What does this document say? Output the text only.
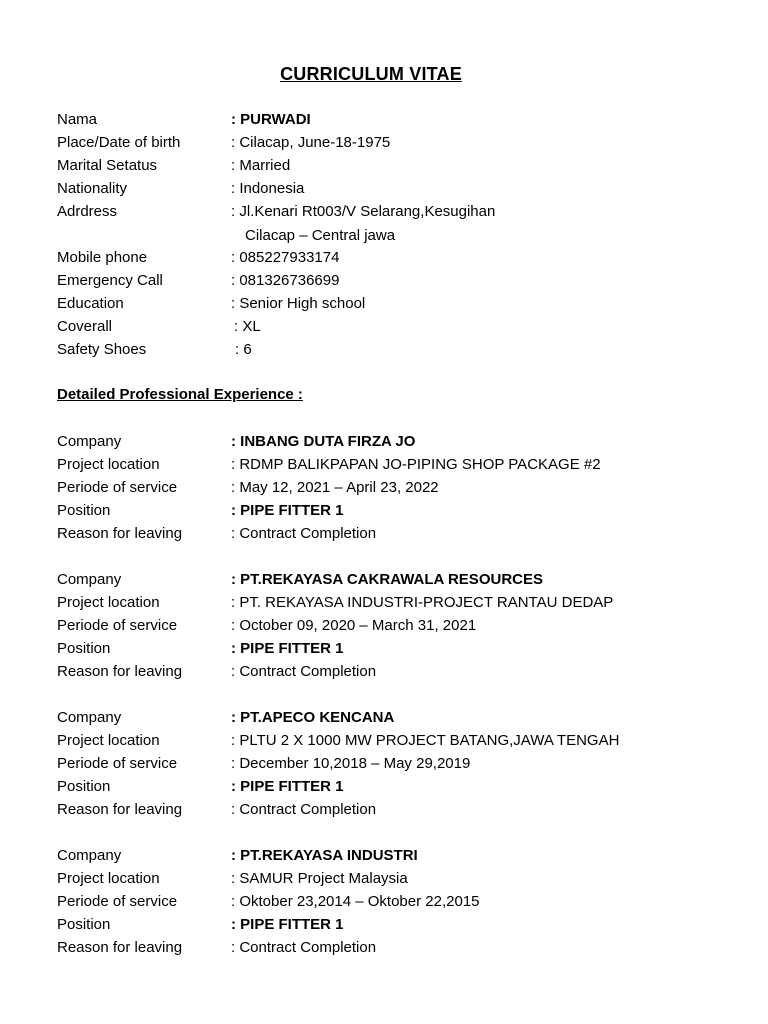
CURRICULUM VITAE
Nama	: PURWADI
Place/Date of birth	: Cilacap, June-18-1975
Marital Setatus	: Married
Nationality	: Indonesia
Adrdress	: Jl.Kenari Rt003/V Selarang,Kesugihan
Cilacap – Central jawa
Mobile phone	: 085227933174
Emergency Call	: 081326736699
Education	: Senior High school
Coverall	: XL
Safety Shoes	: 6
Detailed Professional Experience :
Company	: INBANG DUTA FIRZA JO
Project location	: RDMP BALIKPAPAN JO-PIPING SHOP PACKAGE #2
Periode of service	: May 12, 2021 – April 23, 2022
Position	: PIPE FITTER 1
Reason for leaving	: Contract Completion
Company	: PT.REKAYASA CAKRAWALA RESOURCES
Project location	: PT. REKAYASA INDUSTRI-PROJECT RANTAU DEDAP
Periode of service	: October 09, 2020 – March 31, 2021
Position	: PIPE FITTER 1
Reason for leaving	: Contract Completion
Company	: PT.APECO KENCANA
Project location	: PLTU 2 X 1000 MW PROJECT BATANG,JAWA TENGAH
Periode of service	: December 10,2018 – May 29,2019
Position	: PIPE FITTER 1
Reason for leaving	: Contract Completion
Company	: PT.REKAYASA INDUSTRI
Project location	: SAMUR Project Malaysia
Periode of service	: Oktober 23,2014 – Oktober 22,2015
Position	: PIPE FITTER 1
Reason for leaving	: Contract Completion
